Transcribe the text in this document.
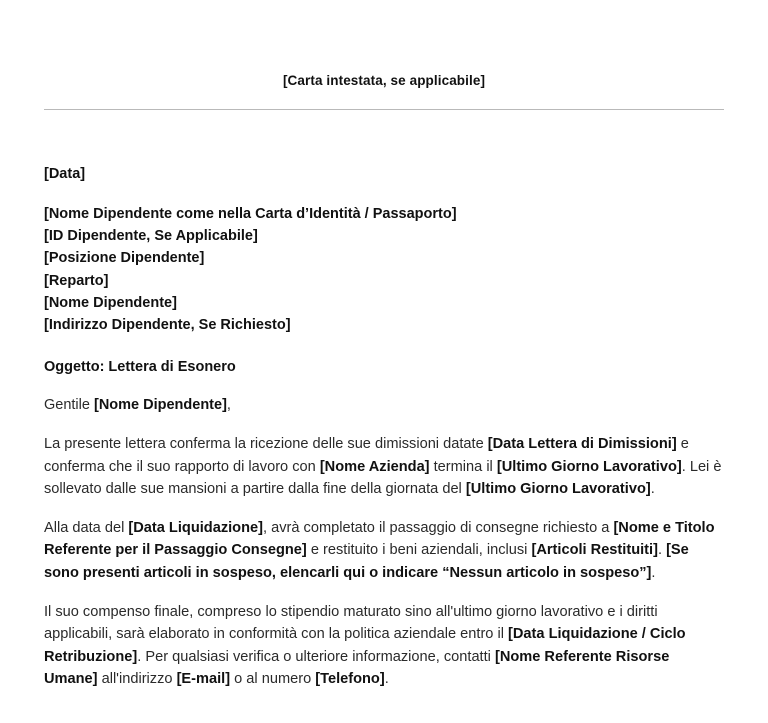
[Carta intestata, se applicabile]
[Data]
[Nome Dipendente come nella Carta d’Identità / Passaporto]
[ID Dipendente, Se Applicabile]
[Posizione Dipendente]
[Reparto]
[Nome Dipendente]
[Indirizzo Dipendente, Se Richiesto]
Oggetto: Lettera di Esonero
Gentile [Nome Dipendente],

La presente lettera conferma la ricezione delle sue dimissioni datate [Data Lettera di Dimissioni] e conferma che il suo rapporto di lavoro con [Nome Azienda] termina il [Ultimo Giorno Lavorativo]. Lei è sollevato dalle sue mansioni a partire dalla fine della giornata del [Ultimo Giorno Lavorativo].

Alla data del [Data Liquidazione], avrà completato il passaggio di consegne richiesto a [Nome e Titolo Referente per il Passaggio Consegne] e restituito i beni aziendali, inclusi [Articoli Restituiti]. [Se sono presenti articoli in sospeso, elencarli qui o indicare “Nessun articolo in sospeso”].

Il suo compenso finale, compreso lo stipendio maturato sino all'ultimo giorno lavorativo e i diritti applicabili, sarà elaborato in conformità con la politica aziendale entro il [Data Liquidazione / Ciclo Retribuzione]. Per qualsiasi verifica o ulteriore informazione, contatti [Nome Referente Risorse Umane] all'indirizzo [E-mail] o al numero [Telefono].
